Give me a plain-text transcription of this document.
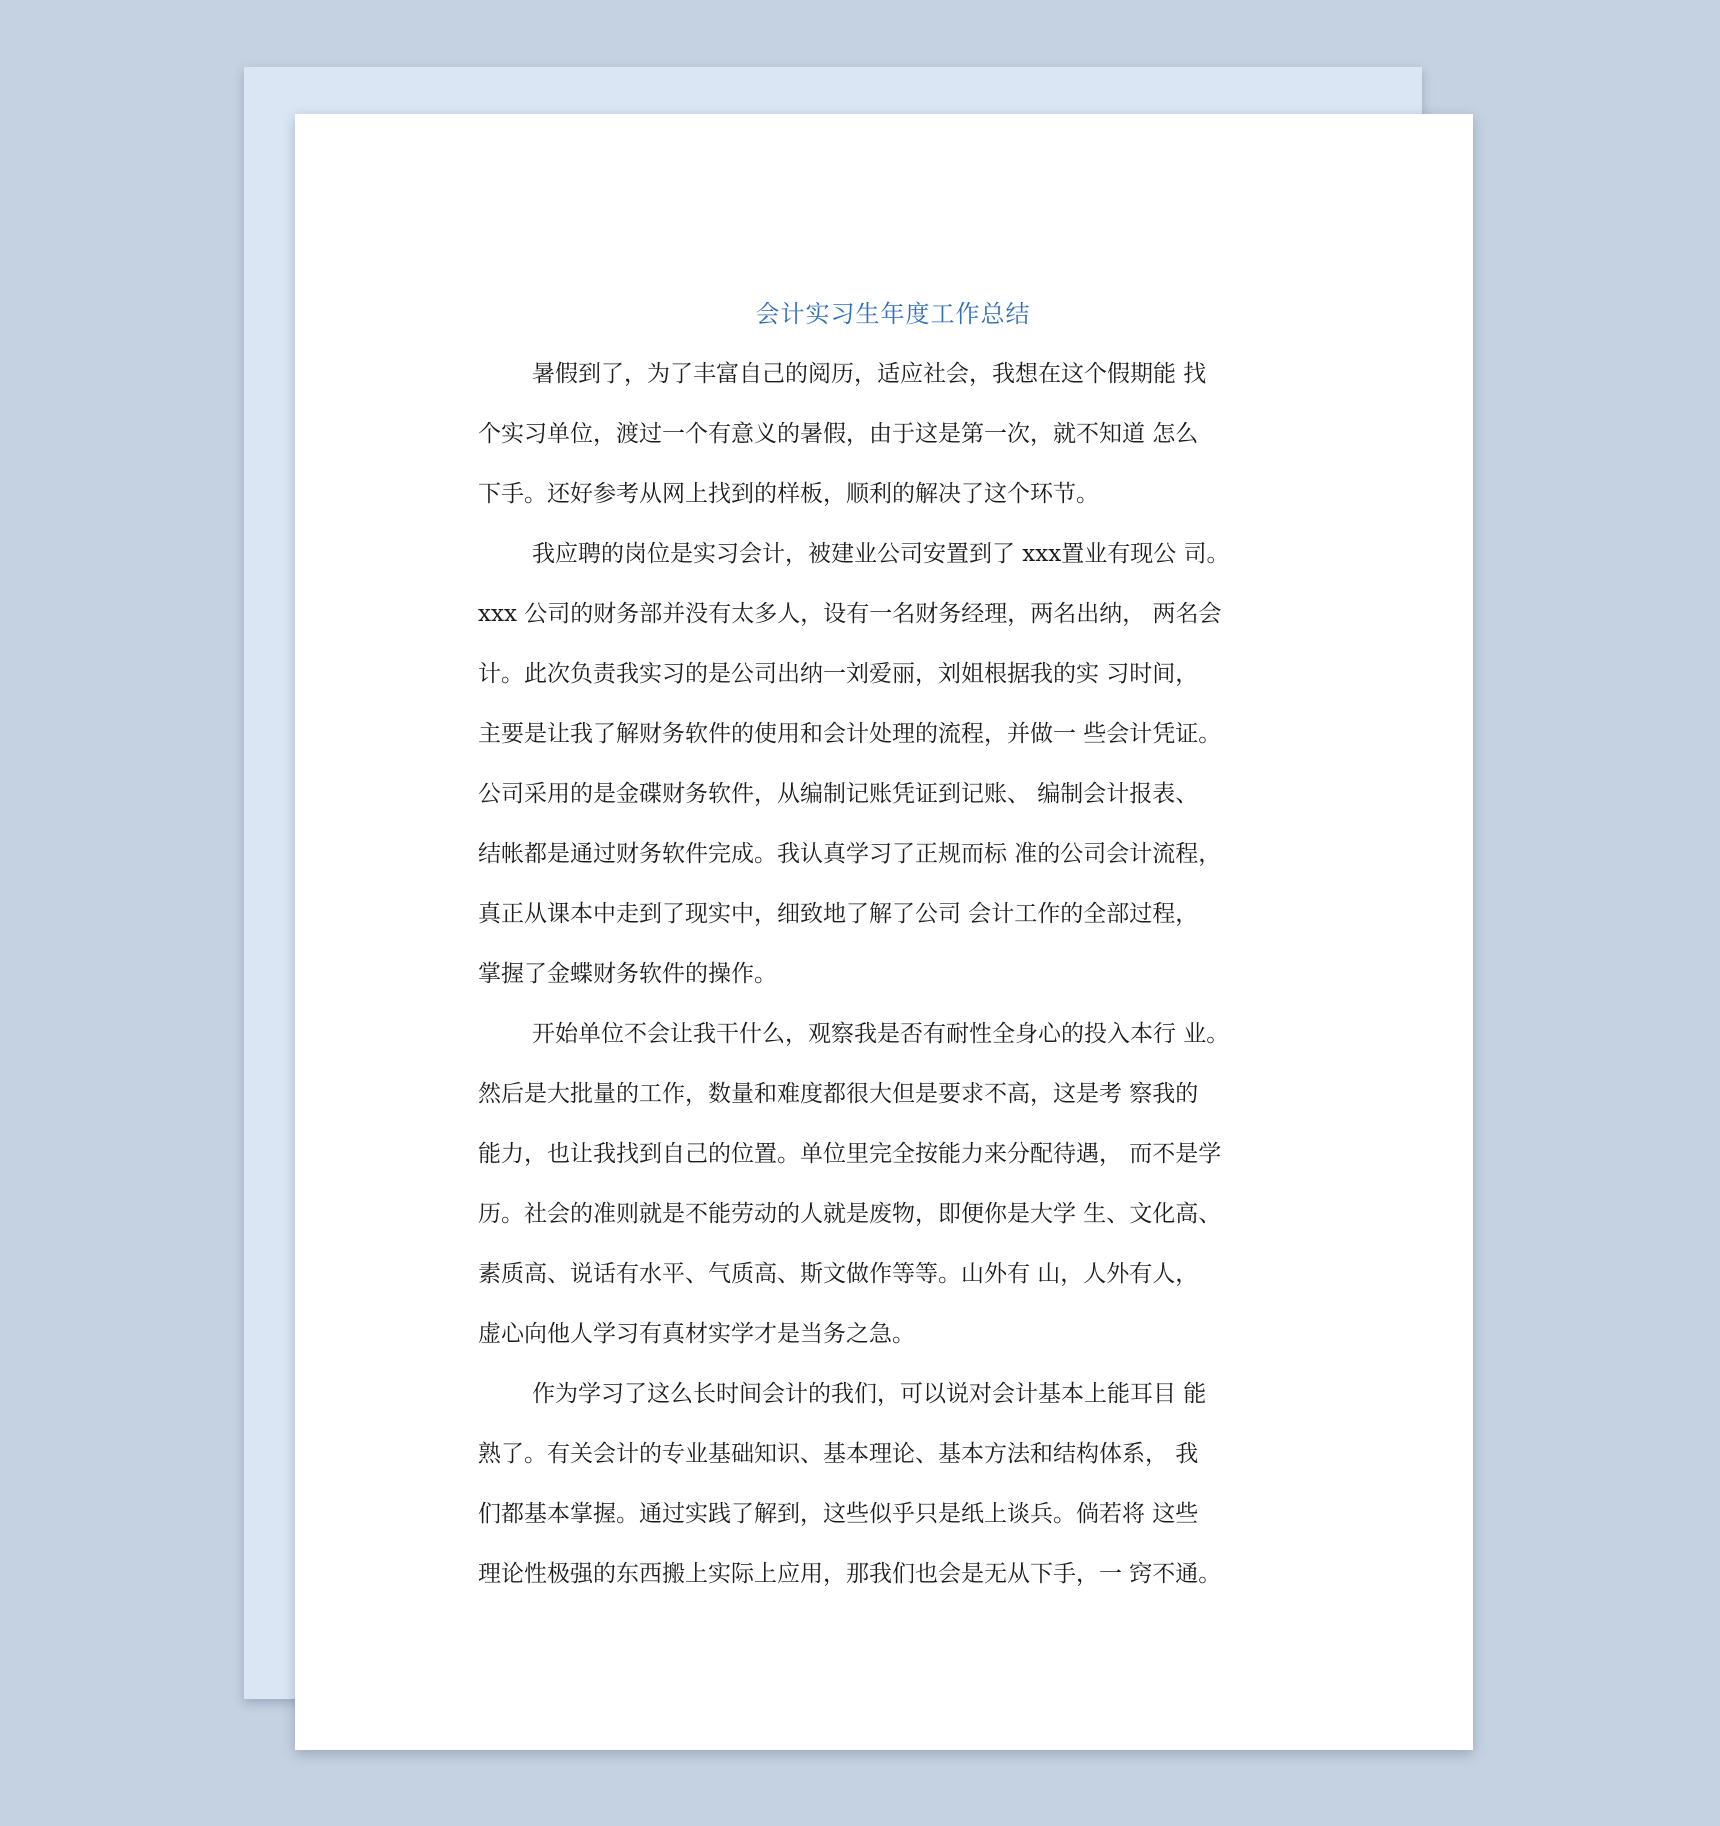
会计实习生年度工作总结

暑假到了，为了丰富自己的阅历，适应社会，我想在这个假期能 找
个实习单位，渡过一个有意义的暑假，由于这是第一次，就不知道 怎么
下手。还好参考从网上找到的样板，顺利的解决了这个环节。

我应聘的岗位是实习会计，被建业公司安置到了 xxx置业有现公 司。
xxx 公司的财务部并没有太多人，设有一名财务经理，两名出纳， 两名会
计。此次负责我实习的是公司出纳一刘爱丽，刘姐根据我的实 习时间，
主要是让我了解财务软件的使用和会计处理的流程，并做一 些会计凭证。
公司采用的是金碟财务软件，从编制记账凭证到记账、 编制会计报表、
结帐都是通过财务软件完成。我认真学习了正规而标 准的公司会计流程，
真正从课本中走到了现实中，细致地了解了公司 会计工作的全部过程，
掌握了金蝶财务软件的操作。

开始单位不会让我干什么，观察我是否有耐性全身心的投入本行 业。
然后是大批量的工作，数量和难度都很大但是要求不高，这是考 察我的
能力，也让我找到自己的位置。单位里完全按能力来分配待遇， 而不是学
历。社会的准则就是不能劳动的人就是废物，即便你是大学 生、文化高、
素质高、说话有水平、气质高、斯文做作等等。山外有 山，人外有人，
虚心向他人学习有真材实学才是当务之急。

作为学习了这么长时间会计的我们，可以说对会计基本上能耳目 能
熟了。有关会计的专业基础知识、基本理论、基本方法和结构体系， 我
们都基本掌握。通过实践了解到，这些似乎只是纸上谈兵。倘若将 这些
理论性极强的东西搬上实际上应用，那我们也会是无从下手，一 窍不通。
